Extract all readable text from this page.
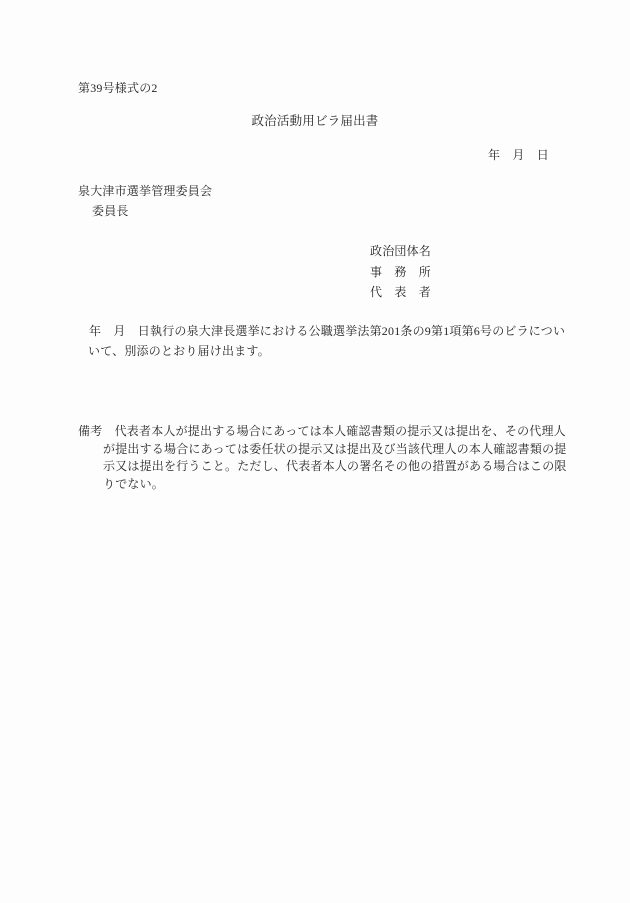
第39号様式の2
政治活動用ビラ届出書
年　月　日
泉大津市選挙管理委員会
委員長
政治団体名
事　務　所
代　表　者
年　月　日執行の泉大津長選挙における公職選挙法第201条の9第1項第6号のビラについ
いて、別添のとおり届け出ます。
備考　代表者本人が提出する場合にあっては本人確認書類の提示又は提出を、その代理人
が提出する場合にあっては委任状の提示又は提出及び当該代理人の本人確認書類の提
示又は提出を行うこと。ただし、代表者本人の署名その他の措置がある場合はこの限
りでない。
